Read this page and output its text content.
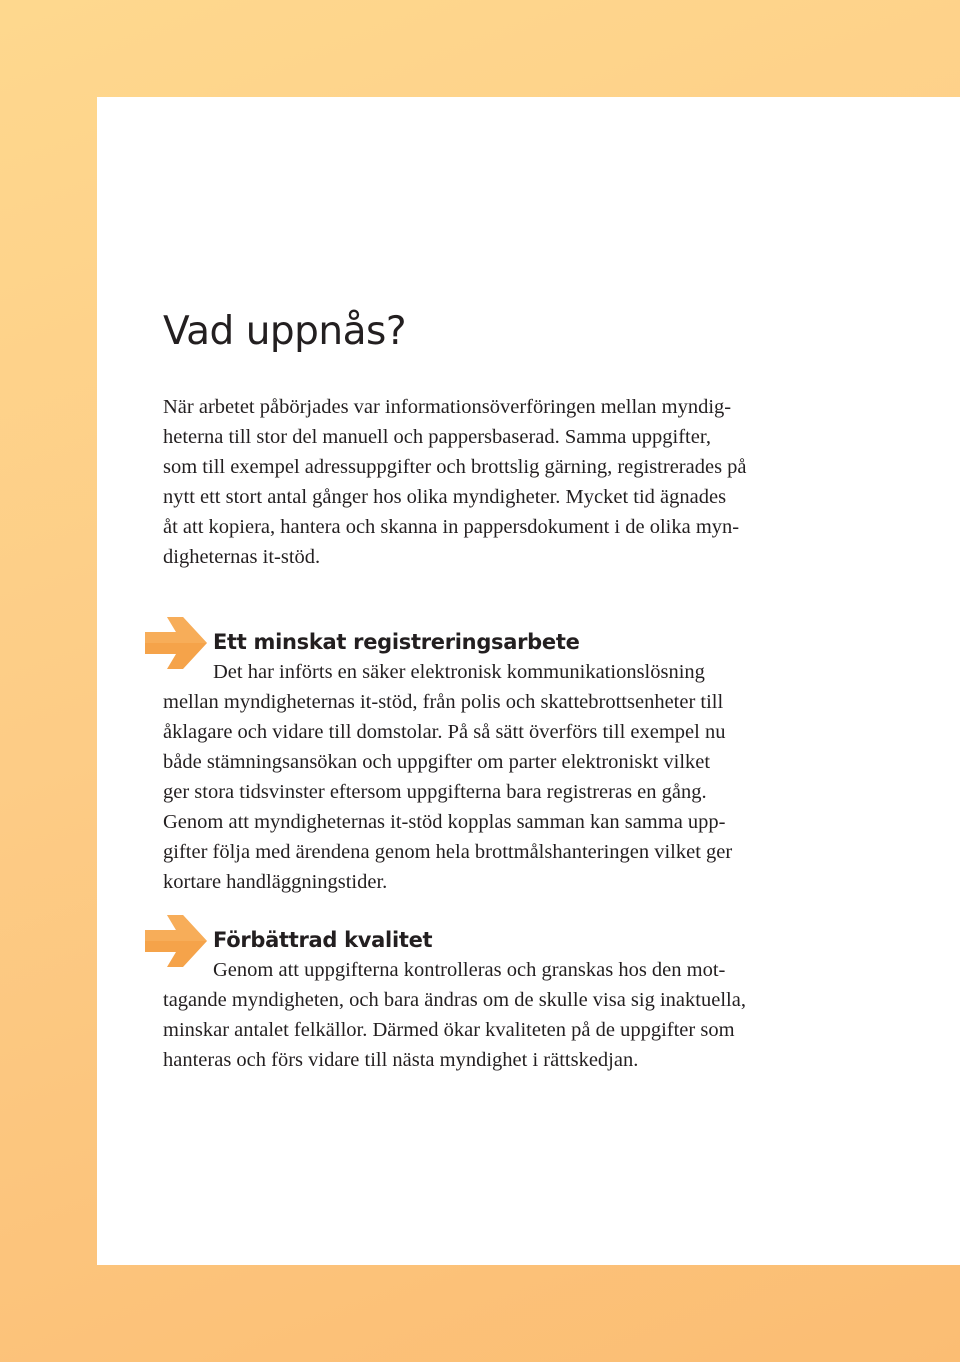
Vad uppnås?
När arbetet påbörjades var informationsöverföringen mellan myndig-
heterna till stor del manuell och pappersbaserad. Samma uppgifter,
som till exempel adressuppgifter och brottslig gärning, registrerades på
nytt ett stort antal gånger hos olika myndigheter. Mycket tid ägnades
åt att kopiera, hantera och skanna in pappersdokument i de olika myn-
digheternas it-stöd.
Ett minskat registreringsarbete
Det har införts en säker elektronisk kommunikationslösning
mellan myndigheternas it-stöd, från polis och skattebrottsenheter till
åklagare och vidare till domstolar. På så sätt överförs till exempel nu
både stämningsansökan och uppgifter om parter elektroniskt vilket
ger stora tidsvinster eftersom uppgifterna bara registreras en gång.
Genom att myndigheternas it-stöd kopplas samman kan samma upp-
gifter följa med ärendena genom hela brottmålshanteringen vilket ger
kortare handläggningstider.
Förbättrad kvalitet
Genom att uppgifterna kontrolleras och granskas hos den mot-
tagande myndigheten, och bara ändras om de skulle visa sig inaktuella,
minskar antalet felkällor. Därmed ökar kvaliteten på de uppgifter som
hanteras och förs vidare till nästa myndighet i rättskedjan.
